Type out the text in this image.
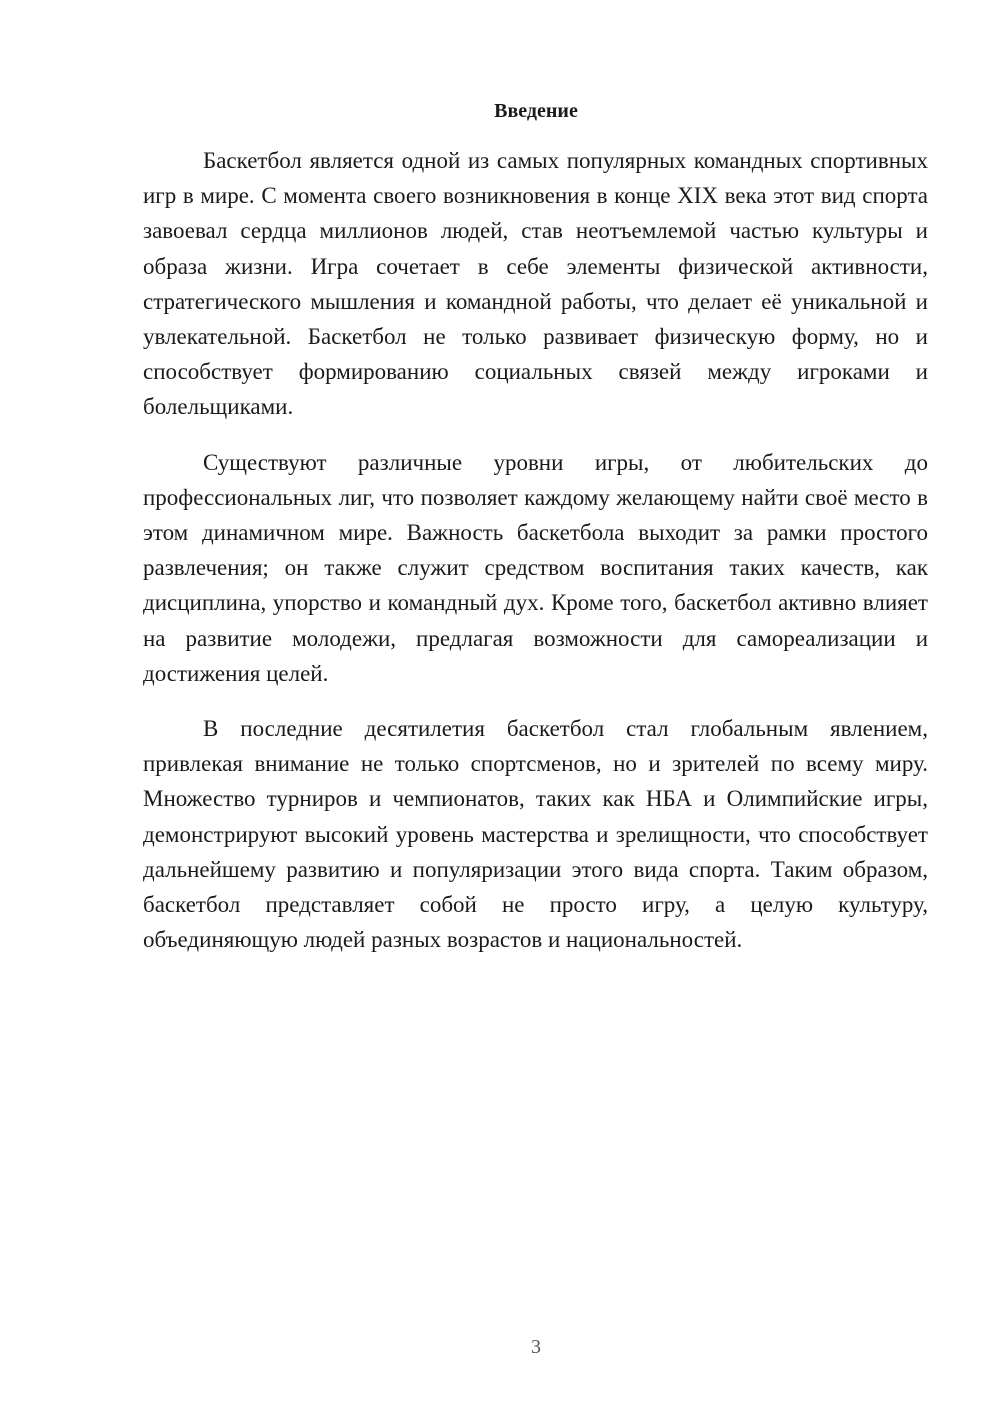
Введение

Баскетбол является одной из самых популярных командных спортивных игр в мире. С момента своего возникновения в конце XIX века этот вид спорта завоевал сердца миллионов людей, став неотъемлемой частью культуры и образа жизни. Игра сочетает в себе элементы физической активности, стратегического мышления и командной работы, что делает её уникальной и увлекательной. Баскетбол не только развивает физическую форму, но и способствует формированию социальных связей между игроками и болельщиками.

Существуют различные уровни игры, от любительских до профессиональных лиг, что позволяет каждому желающему найти своё место в этом динамичном мире. Важность баскетбола выходит за рамки простого развлечения; он также служит средством воспитания таких качеств, как дисциплина, упорство и командный дух. Кроме того, баскетбол активно влияет на развитие молодежи, предлагая возможности для самореализации и достижения целей.

В последние десятилетия баскетбол стал глобальным явлением, привлекая внимание не только спортсменов, но и зрителей по всему миру. Множество турниров и чемпионатов, таких как НБА и Олимпийские игры, демонстрируют высокий уровень мастерства и зрелищности, что способствует дальнейшему развитию и популяризации этого вида спорта. Таким образом, баскетбол представляет собой не просто игру, а целую культуру, объединяющую людей разных возрастов и национальностей.

3
